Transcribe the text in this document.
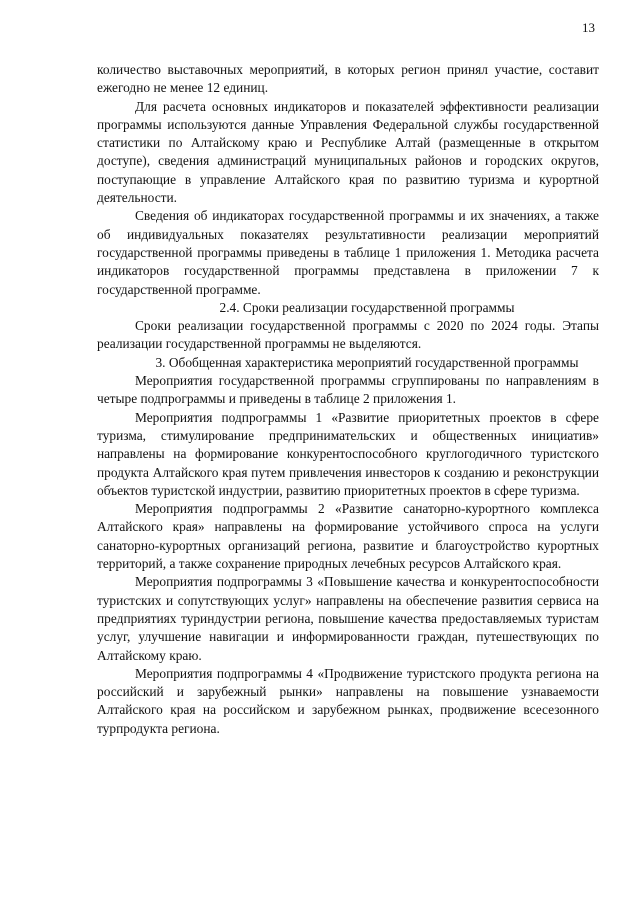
13

количество выставочных мероприятий, в которых регион принял участие, составит ежегодно не менее 12 единиц.

Для расчета основных индикаторов и показателей эффективности реализации программы используются данные Управления Федеральной службы государственной статистики по Алтайскому краю и Республике Алтай (размещенные в открытом доступе), сведения администраций муниципальных районов и городских округов, поступающие в управление Алтайского края по развитию туризма и курортной деятельности.

Сведения об индикаторах государственной программы и их значениях, а также об индивидуальных показателях результативности реализации мероприятий государственной программы приведены в таблице 1 приложения 1. Методика расчета индикаторов государственной программы представлена в приложении 7 к государственной программе.

2.4. Сроки реализации государственной программы

Сроки реализации государственной программы с 2020 по 2024 годы. Этапы реализации государственной программы не выделяются.

3. Обобщенная характеристика мероприятий государственной программы

Мероприятия государственной программы сгруппированы по направлениям в четыре подпрограммы и приведены в таблице 2 приложения 1.

Мероприятия подпрограммы 1 «Развитие приоритетных проектов в сфере туризма, стимулирование предпринимательских и общественных инициатив» направлены на формирование конкурентоспособного круглогодичного туристского продукта Алтайского края путем привлечения инвесторов к созданию и реконструкции объектов туристской индустрии, развитию приоритетных проектов в сфере туризма.

Мероприятия подпрограммы 2 «Развитие санаторно-курортного комплекса Алтайского края» направлены на формирование устойчивого спроса на услуги санаторно-курортных организаций региона, развитие и благоустройство курортных территорий, а также сохранение природных лечебных ресурсов Алтайского края.

Мероприятия подпрограммы 3 «Повышение качества и конкурентоспособности туристских и сопутствующих услуг» направлены на обеспечение развития сервиса на предприятиях туриндустрии региона, повышение качества предоставляемых туристам услуг, улучшение навигации и информированности граждан, путешествующих по Алтайскому краю.

Мероприятия подпрограммы 4 «Продвижение туристского продукта региона на российский и зарубежный рынки» направлены на повышение узнаваемости Алтайского края на российском и зарубежном рынках, продвижение всесезонного турпродукта региона.
